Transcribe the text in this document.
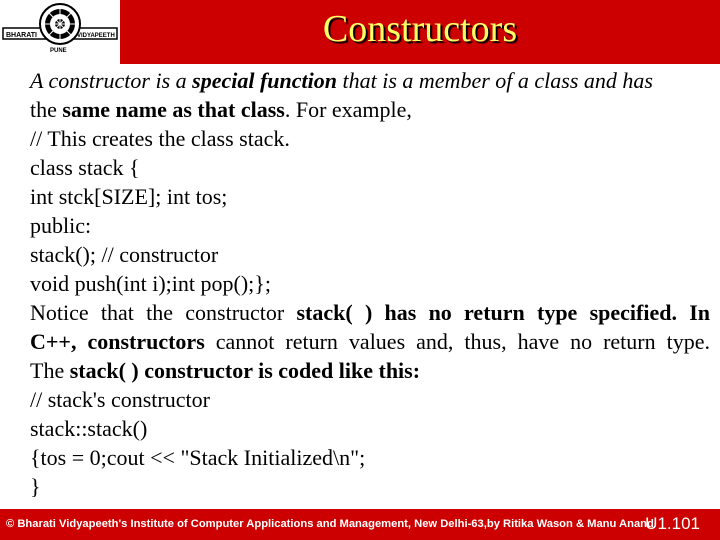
BHARATI	VIDYAPEETH
PUNE
Constructors

A constructor is a special function that is a member of a class and has

the same name as that class. For example,

// This creates the class stack.

class stack {

int stck[SIZE]; int tos;

public:

stack(); // constructor

void push(int i);int pop();};

Notice that the constructor stack( ) has no return type specified. In

C++, constructors cannot return values and, thus, have no return type.

The stack( ) constructor is coded like this:

// stack's constructor

stack::stack()

{tos = 0;cout << "Stack Initialized\n";

}

© Bharati Vidyapeeth's Institute of Computer Applications and Management, New Delhi-63,by Ritika Wason & Manu Anand
U1.101
